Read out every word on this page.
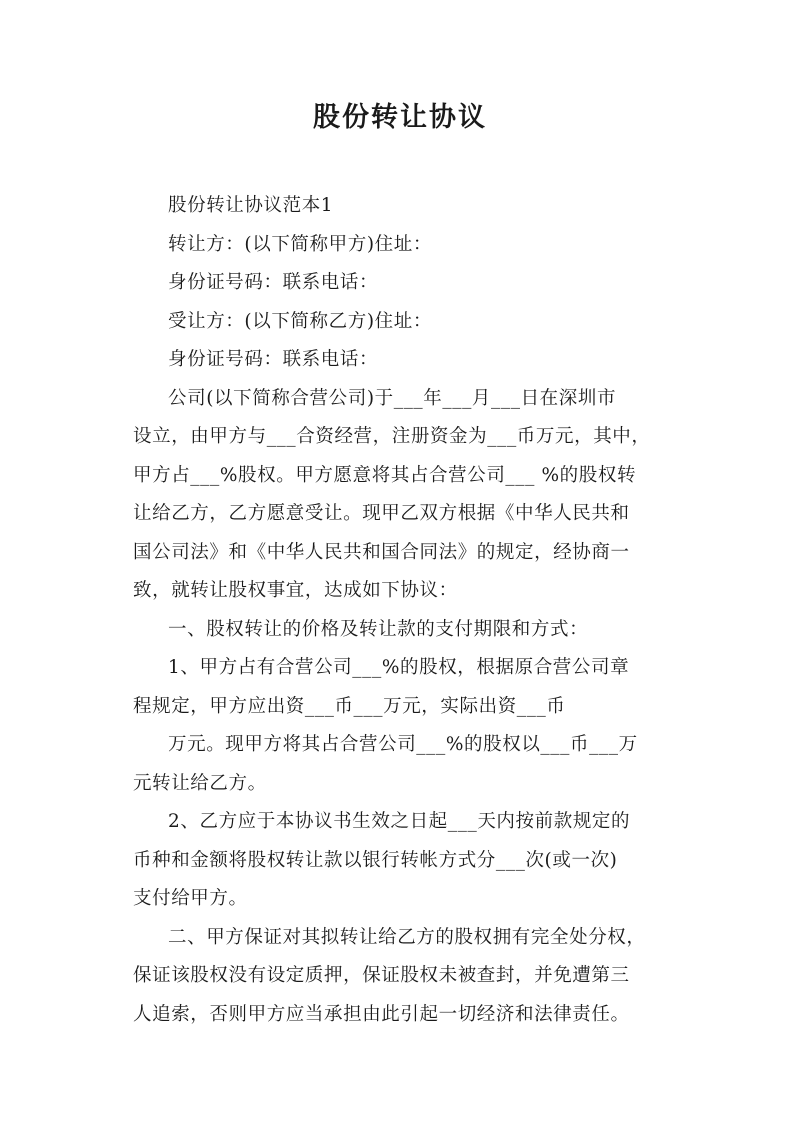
股份转让协议
股份转让协议范本1
转让方：(以下简称甲方)住址：
身份证号码：联系电话：
受让方：(以下简称乙方)住址：
身份证号码：联系电话：
公司(以下简称合营公司)于___年___月___日在深圳市
设立，由甲方与___合资经营，注册资金为___币万元，其中，
甲方占___%股权。甲方愿意将其占合营公司___ %的股权转
让给乙方，乙方愿意受让。现甲乙双方根据《中华人民共和
国公司法》和《中华人民共和国合同法》的规定，经协商一
致，就转让股权事宜，达成如下协议：
一、股权转让的价格及转让款的支付期限和方式：
1、甲方占有合营公司___%的股权，根据原合营公司章
程规定，甲方应出资___币___万元，实际出资___币
万元。现甲方将其占合营公司___%的股权以___币___万
元转让给乙方。
2、乙方应于本协议书生效之日起___天内按前款规定的
币种和金额将股权转让款以银行转帐方式分___次(或一次)
支付给甲方。
二、甲方保证对其拟转让给乙方的股权拥有完全处分权，
保证该股权没有设定质押，保证股权未被查封，并免遭第三
人追索，否则甲方应当承担由此引起一切经济和法律责任。
